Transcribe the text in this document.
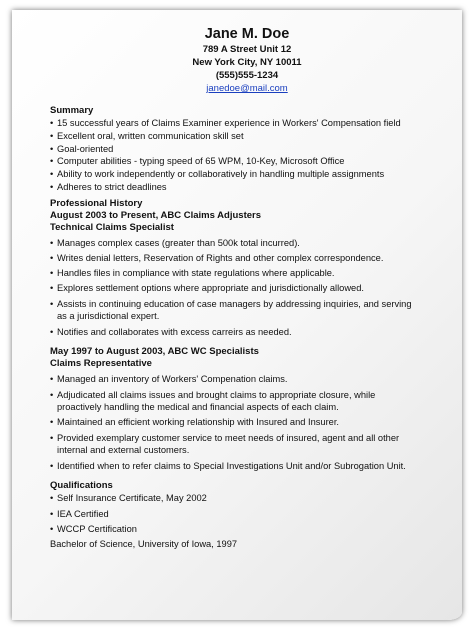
Jane M. Doe
789 A Street Unit 12
New York City, NY 10011
(555)555-1234
janedoe@mail.com
Summary
• 15 successful years of Claims Examiner experience in Workers' Compensation field
• Excellent oral, written communication skill set
• Goal-oriented
• Computer abilities - typing speed of 65 WPM, 10-Key, Microsoft Office
• Ability to work independently or collaboratively in handling multiple assignments
• Adheres to strict deadlines
Professional History
August 2003 to Present, ABC Claims Adjusters
Technical Claims Specialist
• Manages complex cases (greater than 500k total incurred).
• Writes denial letters, Reservation of Rights and other complex correspondence.
• Handles files in compliance with state regulations where applicable.
• Explores settlement options where appropriate and jurisdictionally allowed.
• Assists in continuing education of case managers by addressing inquiries, and serving as a jurisdictional expert.
• Notifies and collaborates with excess carreirs as needed.
May 1997 to August 2003, ABC WC Specialists
Claims Representative
• Managed an inventory of Workers' Compenation claims.
• Adjudicated all claims issues and brought claims to appropriate closure, while proactively handling the medical and financial aspects of each claim.
• Maintained an efficient working relationship with Insured and Insurer.
• Provided exemplary customer service to meet needs of insured, agent and all other internal and external customers.
• Identified when to refer claims to Special Investigations Unit and/or Subrogation Unit.
Qualifications
• Self Insurance Certificate, May 2002
• IEA Certified
• WCCP Certification
Bachelor of Science, University of Iowa, 1997
